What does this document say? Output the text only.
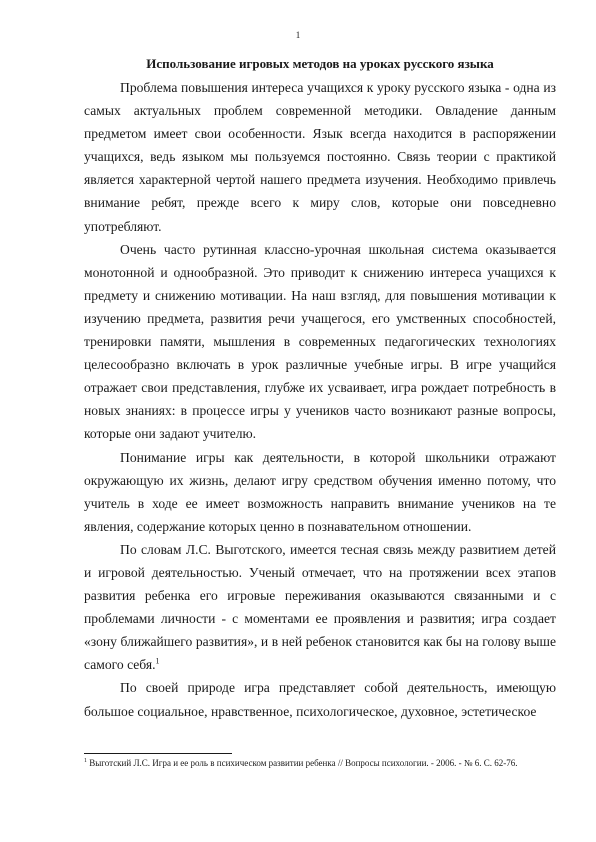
1
Использование игровых методов на уроках русского языка

Проблема повышения интереса учащихся к уроку русского языка - одна из самых актуальных проблем современной методики. Овладение данным предметом имеет свои особенности. Язык всегда находится в распоряжении учащихся, ведь языком мы пользуемся постоянно. Связь теории с практикой является характерной чертой нашего предмета изучения. Необходимо привлечь внимание ребят, прежде всего к миру слов, которые они повседневно употребляют.

Очень часто рутинная классно-урочная школьная система оказывается монотонной и однообразной. Это приводит к снижению интереса учащихся к предмету и снижению мотивации. На наш взгляд, для повышения мотивации к изучению предмета, развития речи учащегося, его умственных способностей, тренировки памяти, мышления в современных педагогических технологиях целесообразно включать в урок различные учебные игры. В игре учащийся отражает свои представления, глубже их усваивает, игра рождает потребность в новых знаниях: в процессе игры у учеников часто возникают разные вопросы, которые они задают учителю.

Понимание игры как деятельности, в которой школьники отражают окружающую их жизнь, делают игру средством обучения именно потому, что учитель в ходе ее имеет возможность направить внимание учеников на те явления, содержание которых ценно в познавательном отношении.

По словам Л.С. Выготского, имеется тесная связь между развитием детей и игровой деятельностью. Ученый отмечает, что на протяжении всех этапов развития ребенка его игровые переживания оказываются связанными и с проблемами личности - с моментами ее проявления и развития; игра создает «зону ближайшего развития», и в ней ребенок становится как бы на голову выше самого себя.$^1$

По своей природе игра представляет собой деятельность, имеющую большое социальное, нравственное, психологическое, духовное, эстетическое

$^1$ Выготский Л.С. Игра и ее роль в психическом развитии ребенка // Вопросы психологии. - 2006. - № 6. С. 62-76.
